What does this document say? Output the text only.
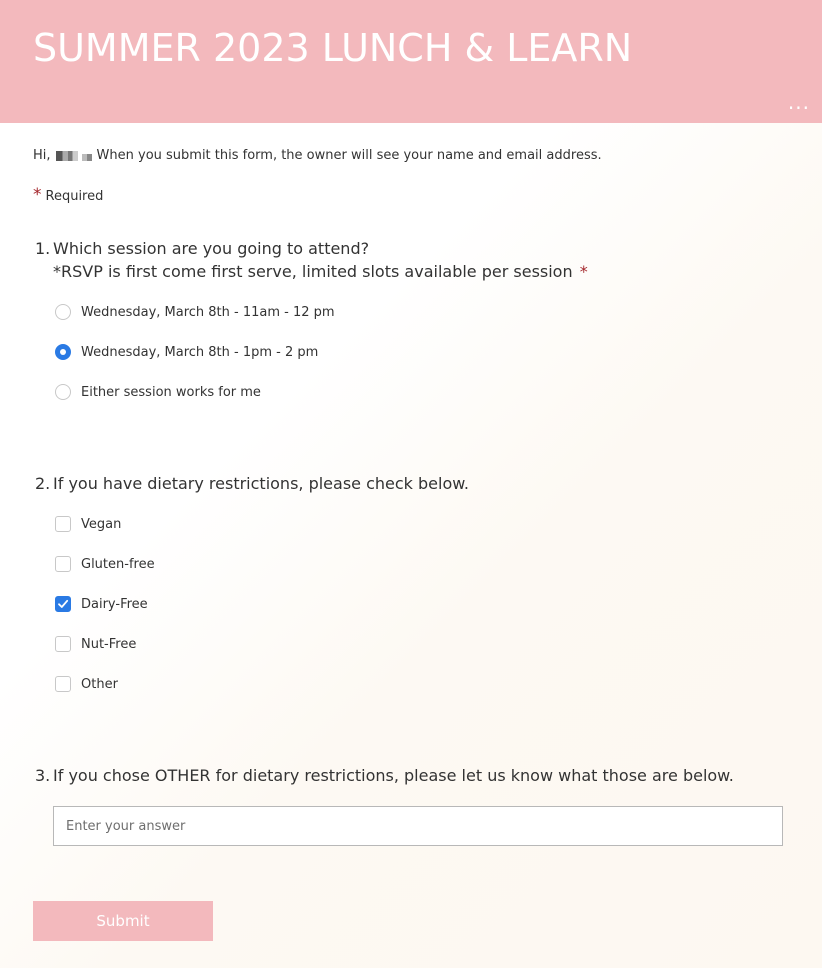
SUMMER 2023 LUNCH & LEARN
...
Hi,	When you submit this form, the owner will see your name and email address.
* Required
1. Which session are you going to attend?
*RSVP is first come first serve, limited slots available per session *
Wednesday, March 8th - 11am - 12 pm
Wednesday, March 8th - 1pm - 2 pm
Either session works for me
2. If you have dietary restrictions, please check below.
Vegan
Gluten-free
Dairy-Free
Nut-Free
Other
3. If you chose OTHER for dietary restrictions, please let us know what those are below.
Enter your answer
Submit
